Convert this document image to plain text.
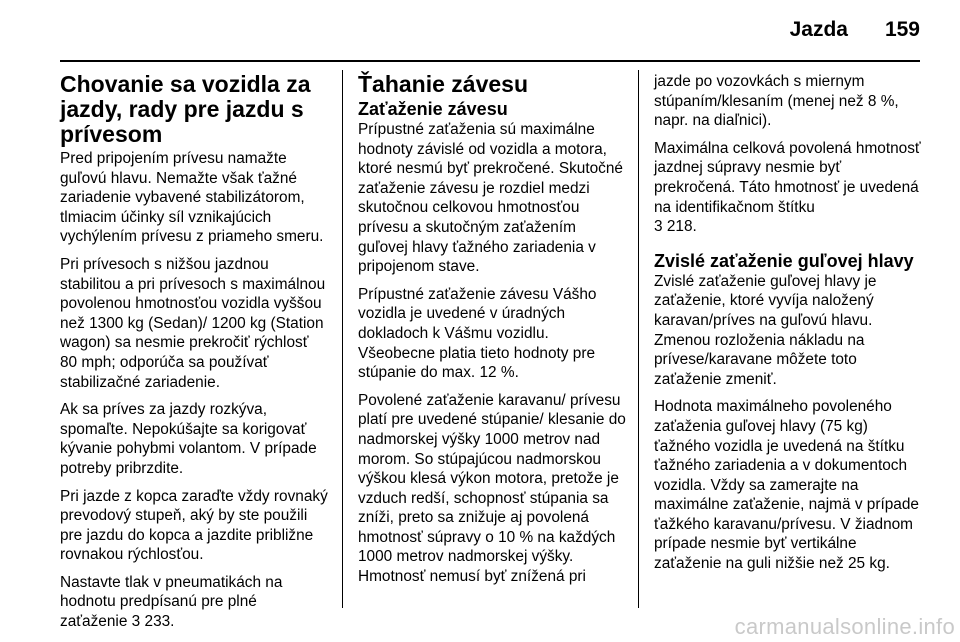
Jazda	159
Chovanie sa vozidla za jazdy, rady pre jazdu s prívesom

Pred pripojením prívesu namažte guľovú hlavu. Nemažte však ťažné zariadenie vybavené stabilizátorom, tlmiacim účinky síl vznikajúcich vychýlením prívesu z priameho smeru.

Pri prívesoch s nižšou jazdnou stabilitou a pri prívesoch s maximálnou povolenou hmotnosťou vozidla vyššou než 1300 kg (Sedan)/ 1200 kg (Station wagon) sa nesmie prekročiť rýchlosť 80 mph; odporúča sa používať stabilizačné zariadenie.

Ak sa príves za jazdy rozkýva, spomaľte. Nepokúšajte sa korigovať kývanie pohybmi volantom. V prípade potreby pribrzdite.

Pri jazde z kopca zaraďte vždy rovnaký prevodový stupeň, aký by ste použili pre jazdu do kopca a jazdite približne rovnakou rýchlosťou.

Nastavte tlak v pneumatikách na hodnotu predpísanú pre plné zaťaženie 3 233.

Ťahanie závesu
Zaťaženie závesu

Prípustné zaťaženia sú maximálne hodnoty závislé od vozidla a motora, ktoré nesmú byť prekročené. Skutočné zaťaženie závesu je rozdiel medzi skutočnou celkovou hmotnosťou prívesu a skutočným zaťažením guľovej hlavy ťažného zariadenia v pripojenom stave.

Prípustné zaťaženie závesu Vášho vozidla je uvedené v úradných dokladoch k Vášmu vozidlu. Všeobecne platia tieto hodnoty pre stúpanie do max. 12 %.

Povolené zaťaženie karavanu/ prívesu platí pre uvedené stúpanie/ klesanie do nadmorskej výšky 1000 metrov nad morom. So stúpajúcou nadmorskou výškou klesá výkon motora, pretože je vzduch redší, schopnosť stúpania sa zníži, preto sa znižuje aj povolená hmotnosť súpravy o 10 % na každých 1000 metrov nadmorskej výšky. Hmotnosť nemusí byť znížená pri

jazde po vozovkách s miernym stúpaním/klesaním (menej než 8 %, napr. na diaľnici).

Maximálna celková povolená hmotnosť jazdnej súpravy nesmie byť prekročená. Táto hmotnosť je uvedená na identifikačnom štítku
3 218.

Zvislé zaťaženie guľovej hlavy

Zvislé zaťaženie guľovej hlavy je zaťaženie, ktoré vyvíja naložený karavan/príves na guľovú hlavu. Zmenou rozloženia nákladu na prívese/karavane môžete toto zaťaženie zmeniť.

Hodnota maximálneho povoleného zaťaženia guľovej hlavy (75 kg) ťažného vozidla je uvedená na štítku ťažného zariadenia a v dokumentoch vozidla. Vždy sa zamerajte na maximálne zaťaženie, najmä v prípade ťažkého karavanu/prívesu. V žiadnom prípade nesmie byť vertikálne zaťaženie na guli nižšie než 25 kg.

carmanualsonline.info
